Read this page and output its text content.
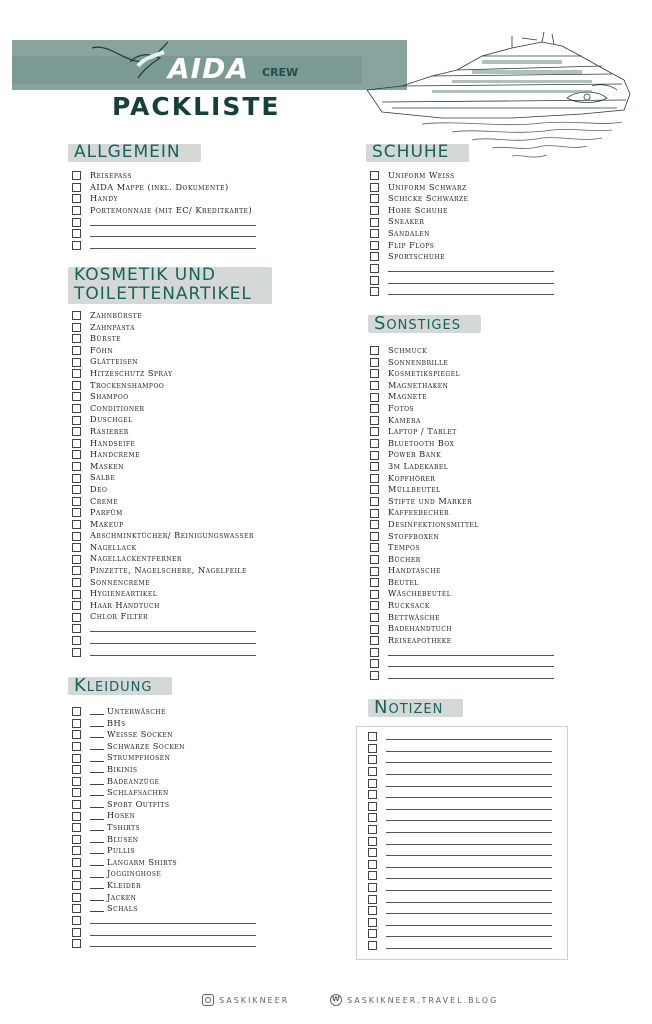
AIDA CREW
PACKLISTE
ALLGEMEIN
Reisepass
AIDA Mappe (inkl. Dokumente)
Handy
Portemonnaie (mit EC/ Kreditkarte)
KOSMETIK UND
TOILETTENARTIKEL
Zahnbürste
Zahnpasta
Bürste
Föhn
Glätteisen
Hitzeschutz Spray
Trockenshampoo
Shampoo
Conditioner
Duschgel
Rasierer
Handseife
Handcreme
Masken
Salbe
Deo
Creme
Parfüm
Makeup
Abschminktücher/ Reinigungswasser
Nagellack
Nagellackentferner
Pinzette, Nagelschere, Nagelfeile
Sonnencreme
Hygieneartikel
Haar Handtuch
Chlor Filter
Kleidung
Unterwäsche
BHs
Weisse Socken
Schwarze Socken
Strumpfhosen
Bikinis
Badeanzüge
Schlafsachen
Sport Outfits
Hosen
Tshirts
Blusen
Pullis
Langarm Shirts
Jogginghose
Kleider
Jacken
Schals
SCHUHE
Uniform Weiss
Uniform Schwarz
Schicke Schwarze
Hohe Schuhe
Sneaker
Sandalen
Flip Flops
Sportschuhe
Sonstiges
Schmuck
Sonnenbrille
Kosmetikspiegel
Magnethaken
Magnete
Fotos
Kamera
Laptop / Tablet
Bluetooth Box
Power Bank
3m Ladekabel
Kopfhörer
Müllbeutel
Stifte und Marker
Kaffeebecher
Desinfektionsmittel
Stoffboxen
Tempos
Bücher
Handtasche
Beutel
Wäschebeutel
Rucksack
Bettwäsche
Badehandtuch
Reiseapotheke
Notizen
SASKIKNEER
W	SASKIKNEER.TRAVEL.BLOG
